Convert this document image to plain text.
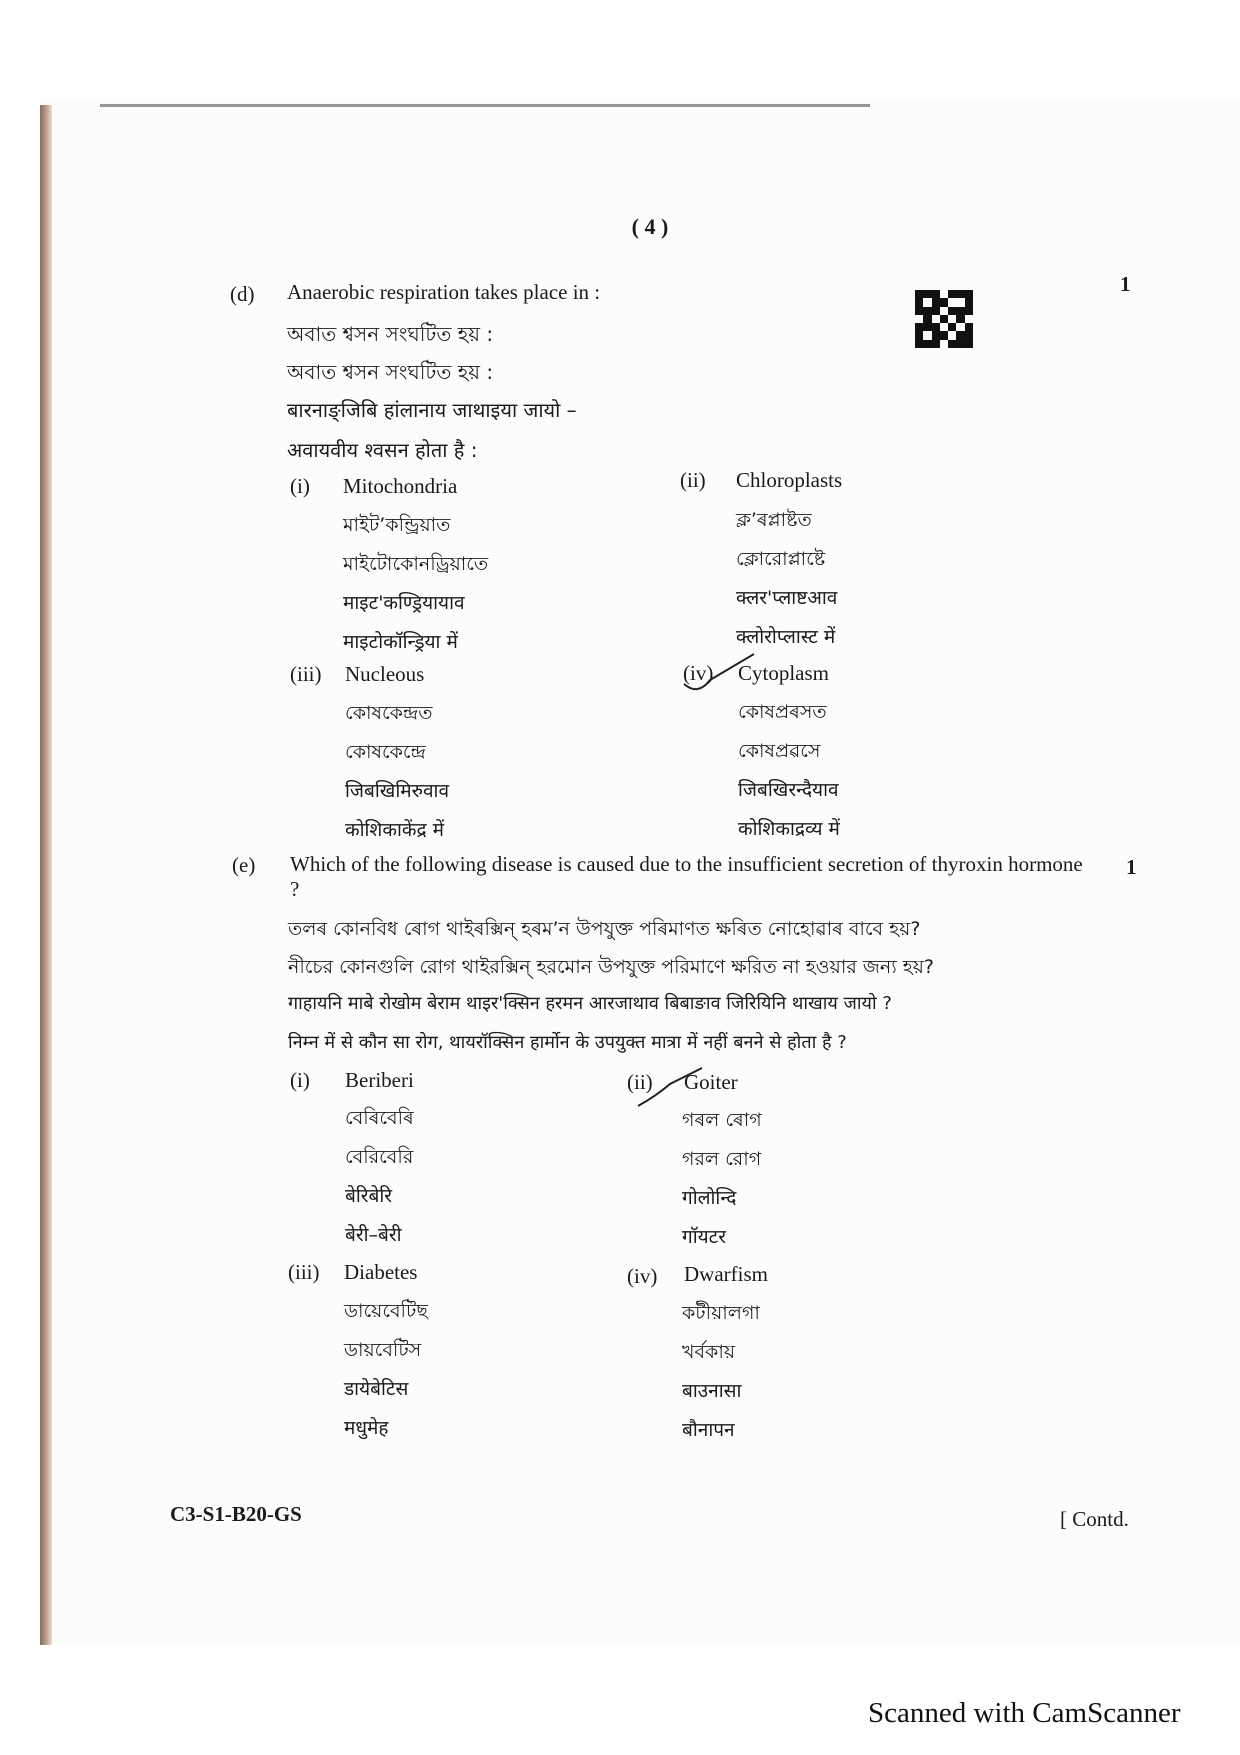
( 4 )
(d)	1
Anaerobic respiration takes place in :
অবাত শ্বসন সংঘটিত হয় :
অবাত শ্বসন সংঘটিত হয় :
बारनाङ्‌जिबि हांलानाय जाथाइया जायो –
अवायवीय श्वसन होता है :
(i) Mitochondria
মাইট’কন্ড্ৰিয়াত
মাইটোকোনড্রিয়াতে
माइट'कण्ड्रियायाव
माइटोकॉन्ड्रिया में
(ii) Chloroplasts
ক্ল’ৰপ্লাষ্টত
ক্লোরোপ্লাষ্টে
क्लर'प्लाष्टआव
क्लोरोप्लास्ट में
(iii) Nucleous
কোষকেন্দ্ৰত
কোষকেন্দ্রে
जिबखिमिरुवाव
कोशिकाकेंद्र में
(iv) Cytoplasm
কোষপ্ৰৰসত
কোষপ্রৱসে
जिबखिरन्दैयाव
कोशिकाद्रव्य में
(e)	1
Which of the following disease is caused due to the insufficient secretion of thyroxin hormone ?
তলৰ কোনবিধ ৰোগ থাইৰক্সিন্ হৰম’ন উপযুক্ত পৰিমাণত ক্ষৰিত নোহোৱাৰ বাবে হয়?
নীচের কোনগুলি রোগ থাইরক্সিন্ হরমোন উপযুক্ত পরিমাণে ক্ষরিত না হওয়ার জন্য হয়?
गाहायनि माबे रोखोम बेराम थाइर'क्सिन हरमन आरजाथाव बिबाङाव जिरियिनि थाखाय जायो ?
निम्न में से कौन सा रोग, थायरॉक्सिन हार्मोन के उपयुक्त मात्रा में नहीं बनने से होता है ?
(i) Beriberi
বেৰিবেৰি
বেরিবেরি
बेरिबेरि
बेरी–बेरी
(ii) Goiter
গৰল ৰোগ
গরল রোগ
गोलोन्दि
गॉयटर
(iii) Diabetes
ডায়েবেটিছ
ডায়বেটিস
डायेबेटिस
मधुमेह
(iv) Dwarfism
কটীয়ালগা
খর্বকায়
बाउनासा
बौनापन
C3-S1-B20-GS	[ Contd.
Scanned with CamScanner
